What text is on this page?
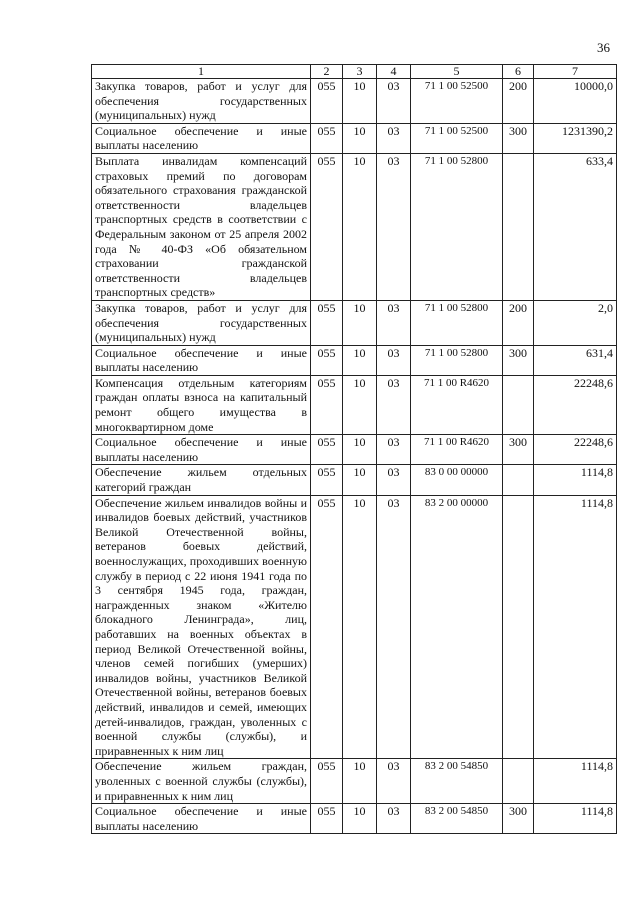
36
1	2	3	4	5	6	7
Закупка товаров, работ и услуг для обеспечения государственных (муниципальных) нужд	055	10	03	71 1 00 52500	200	10000,0
Социальное обеспечение и иные выплаты населению	055	10	03	71 1 00 52500	300	1231390,2
Выплата инвалидам компенсаций страховых премий по договорам обязательного страхования гражданской ответственности владельцев транспортных средств в соответствии с Федеральным законом от 25 апреля 2002 года № 40-ФЗ «Об обязательном страховании гражданской ответственности владельцев транспортных средств»	055	10	03	71 1 00 52800		633,4
Закупка товаров, работ и услуг для обеспечения государственных (муниципальных) нужд	055	10	03	71 1 00 52800	200	2,0
Социальное обеспечение и иные выплаты населению	055	10	03	71 1 00 52800	300	631,4
Компенсация отдельным категориям граждан оплаты взноса на капитальный ремонт общего имущества в многоквартирном доме	055	10	03	71 1 00 R4620		22248,6
Социальное обеспечение и иные выплаты населению	055	10	03	71 1 00 R4620	300	22248,6
Обеспечение жильем отдельных категорий граждан	055	10	03	83 0 00 00000		1114,8
Обеспечение жильем инвалидов войны и инвалидов боевых действий, участников Великой Отечественной войны, ветеранов боевых действий, военнослужащих, проходивших военную службу в период с 22 июня 1941 года по 3 сентября 1945 года, граждан, награжденных знаком «Жителю блокадного Ленинграда», лиц, работавших на военных объектах в период Великой Отечественной войны, членов семей погибших (умерших) инвалидов войны, участников Великой Отечественной войны, ветеранов боевых действий, инвалидов и семей, имеющих детей-инвалидов, граждан, уволенных с военной службы (службы), и приравненных к ним лиц	055	10	03	83 2 00 00000		1114,8
Обеспечение жильем граждан, уволенных с военной службы (службы), и приравненных к ним лиц	055	10	03	83 2 00 54850		1114,8
Социальное обеспечение и иные выплаты населению	055	10	03	83 2 00 54850	300	1114,8
